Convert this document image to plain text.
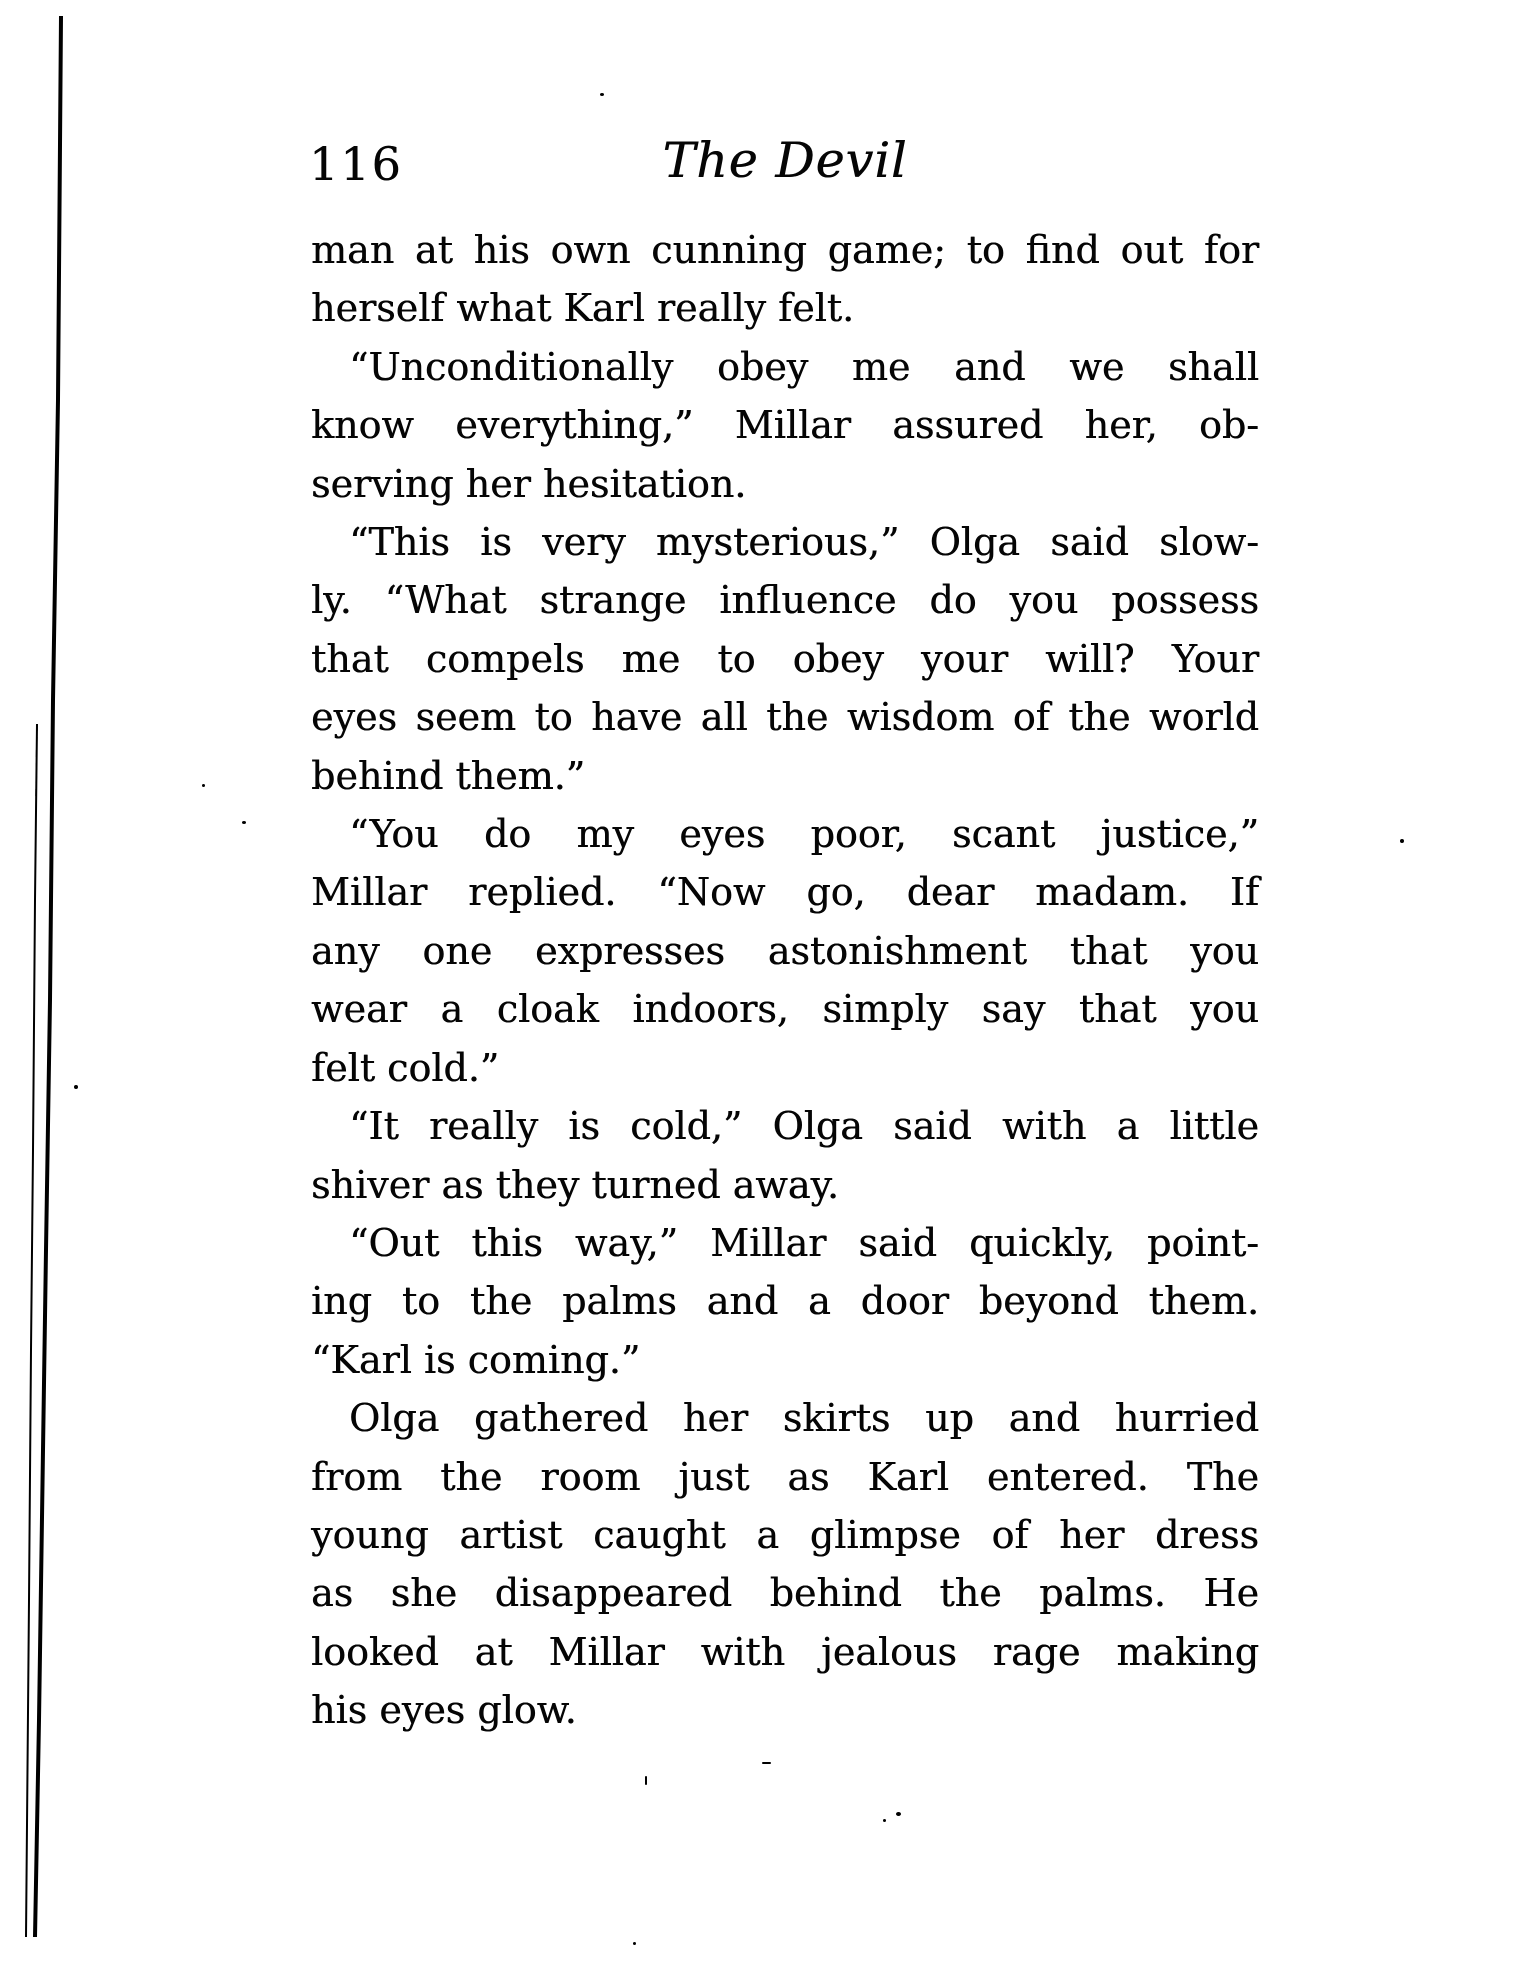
116	The Devil
man at his own cunning game; to find out for
herself what Karl really felt.
“Unconditionally obey me and we shall
know everything,” Millar assured her, ob-
serving her hesitation.
“This is very mysterious,” Olga said slow-
ly. “What strange influence do you possess
that compels me to obey your will? Your
eyes seem to have all the wisdom of the world
behind them.”
“You do my eyes poor, scant justice,”
Millar replied. “Now go, dear madam. If
any one expresses astonishment that you
wear a cloak indoors, simply say that you
felt cold.”
“It really is cold,” Olga said with a little
shiver as they turned away.
“Out this way,” Millar said quickly, point-
ing to the palms and a door beyond them.
“Karl is coming.”
Olga gathered her skirts up and hurried
from the room just as Karl entered. The
young artist caught a glimpse of her dress
as she disappeared behind the palms. He
looked at Millar with jealous rage making
his eyes glow.
